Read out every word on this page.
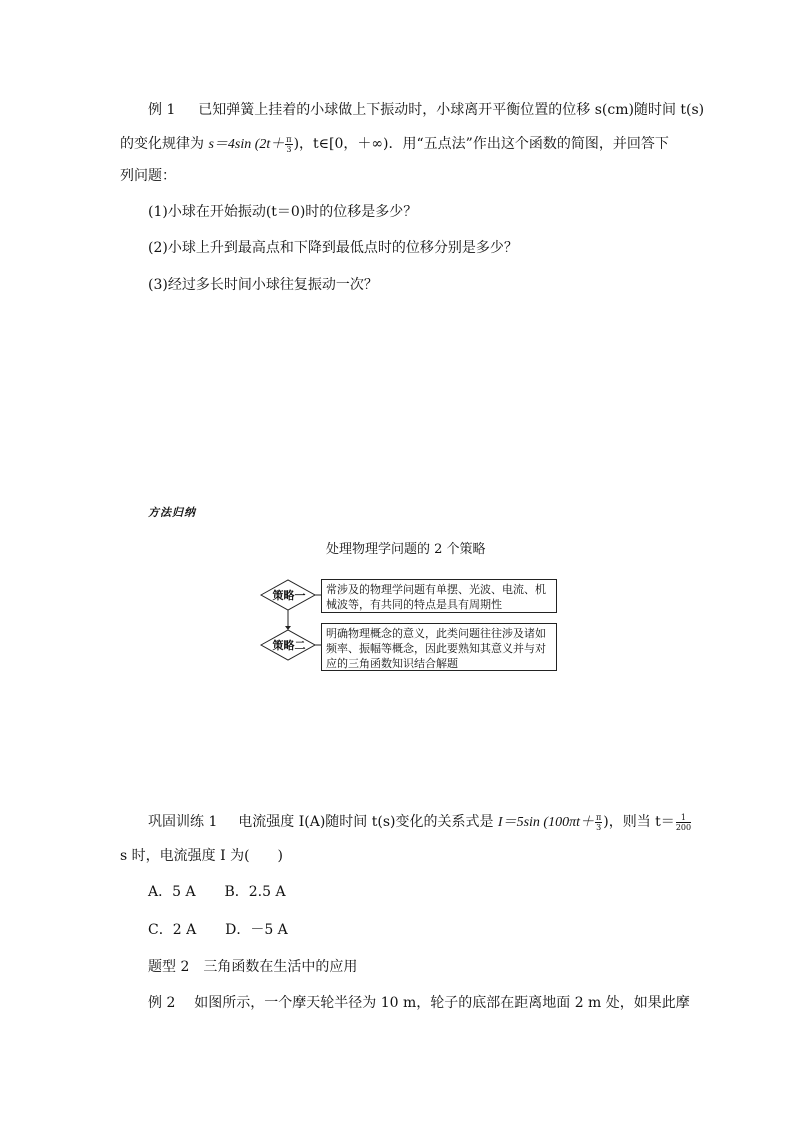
例 1 已知弹簧上挂着的小球做上下振动时，小球离开平衡位置的位移 s(cm)随时间 t(s)
的变化规律为 s＝4sin ($2t+ \frac{\pi}{3}$ )，t∈[0，＋∞)．用“五点法”作出这个函数的简图，并回答下
列问题：
(1)小球在开始振动(t＝0)时的位移是多少？
(2)小球上升到最高点和下降到最低点时的位移分别是多少？
(3)经过多长时间小球往复振动一次？
方法归纳
处理物理学问题的 2 个策略
策略一
策略二
常涉及的物理学问题有单摆、光波、电流、机械波等，有共同的特点是具有周期性
明确物理概念的意义，此类问题往往涉及诸如频率、振幅等概念，因此要熟知其意义并与对应的三角函数知识结合解题
巩固训练 1 电流强度 I(A)随时间 t(s)变化的关系式是 I＝5sin ($100\pi t+ \frac{\pi}{3}$ )，则当 $t= \frac{1}{200}$
s 时，电流强度 I 为(　　)
A．5 A B．2.5 A
C．2 A D．－5 A
题型 2　三角函数在生活中的应用
例 2 如图所示，一个摩天轮半径为 10 m，轮子的底部在距离地面 2 m 处，如果此摩
